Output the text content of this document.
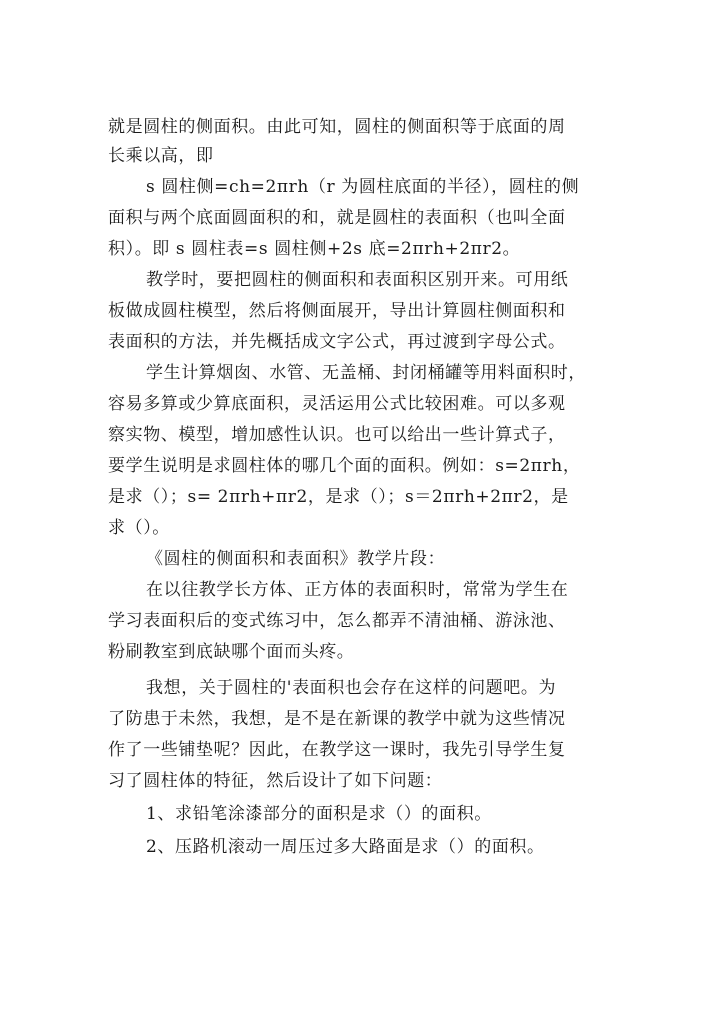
就是圆柱的侧面积。由此可知，圆柱的侧面积等于底面的周
长乘以高，即
s 圆柱侧=ch=2πrh（r 为圆柱底面的半径），圆柱的侧
面积与两个底面圆面积的和，就是圆柱的表面积（也叫全面
积）。即 s 圆柱表=s 圆柱侧+2s 底=2πrh+2πr2。
教学时，要把圆柱的侧面积和表面积区别开来。可用纸
板做成圆柱模型，然后将侧面展开，导出计算圆柱侧面积和
表面积的方法，并先概括成文字公式，再过渡到字母公式。
学生计算烟囱、水管、无盖桶、封闭桶罐等用料面积时，
容易多算或少算底面积，灵活运用公式比较困难。可以多观
察实物、模型，增加感性认识。也可以给出一些计算式子，
要学生说明是求圆柱体的哪几个面的面积。例如：s=2πrh，
是求（）；s= 2πrh+πr2，是求（）；s＝2πrh+2πr2，是
求（）。
《圆柱的侧面积和表面积》教学片段：
在以往教学长方体、正方体的表面积时，常常为学生在
学习表面积后的变式练习中，怎么都弄不清油桶、游泳池、
粉刷教室到底缺哪个面而头疼。
我想，关于圆柱的'表面积也会存在这样的问题吧。为
了防患于未然，我想，是不是在新课的教学中就为这些情况
作了一些铺垫呢？因此，在教学这一课时，我先引导学生复
习了圆柱体的特征，然后设计了如下问题：
1、求铅笔涂漆部分的面积是求（）的面积。
2、压路机滚动一周压过多大路面是求（）的面积。
